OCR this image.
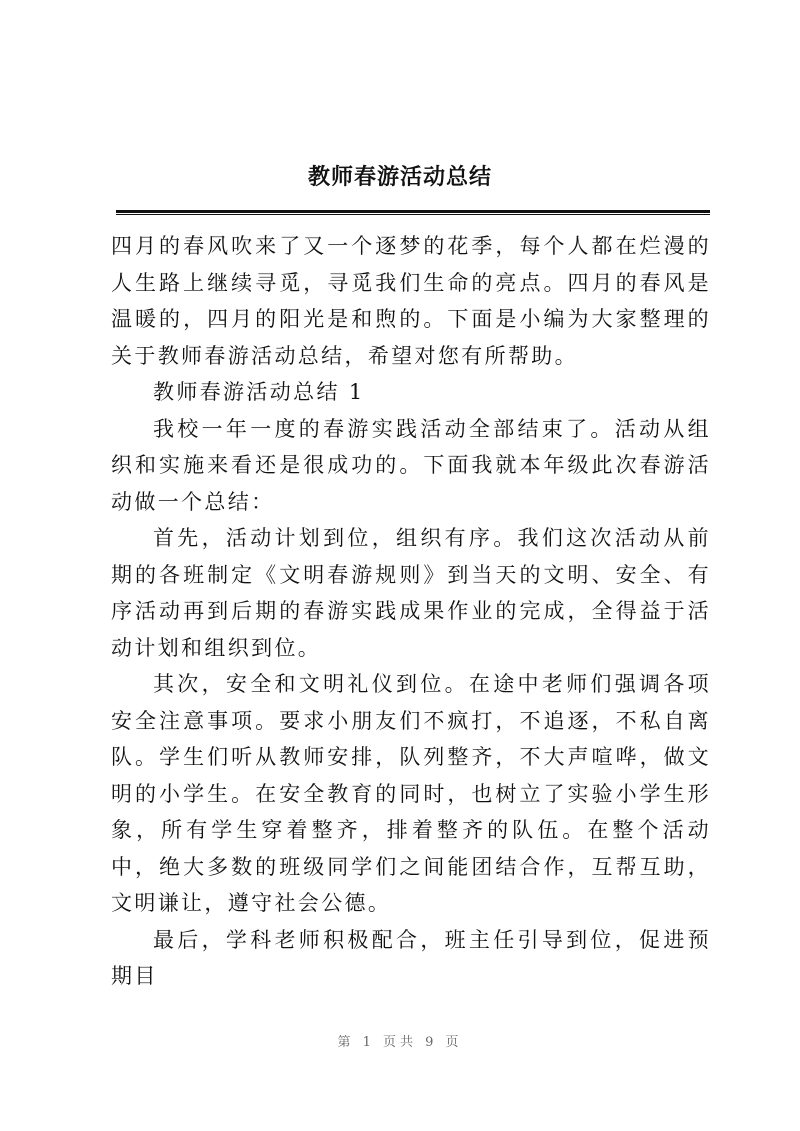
教师春游活动总结

四月的春风吹来了又一个逐梦的花季，每个人都在烂漫的人生路上继续寻觅，寻觅我们生命的亮点。四月的春风是温暖的，四月的阳光是和煦的。下面是小编为大家整理的关于教师春游活动总结，希望对您有所帮助。

教师春游活动总结 1

我校一年一度的春游实践活动全部结束了。活动从组织和实施来看还是很成功的。下面我就本年级此次春游活动做一个总结：

首先，活动计划到位，组织有序。我们这次活动从前期的各班制定《文明春游规则》到当天的文明、安全、有序活动再到后期的春游实践成果作业的完成，全得益于活动计划和组织到位。

其次，安全和文明礼仪到位。在途中老师们强调各项安全注意事项。要求小朋友们不疯打，不追逐，不私自离队。学生们听从教师安排，队列整齐，不大声喧哗，做文明的小学生。在安全教育的同时，也树立了实验小学生形象，所有学生穿着整齐，排着整齐的队伍。在整个活动中，绝大多数的班级同学们之间能团结合作，互帮互助，文明谦让，遵守社会公德。

最后，学科老师积极配合，班主任引导到位，促进预期目

第 1 页共 9 页
